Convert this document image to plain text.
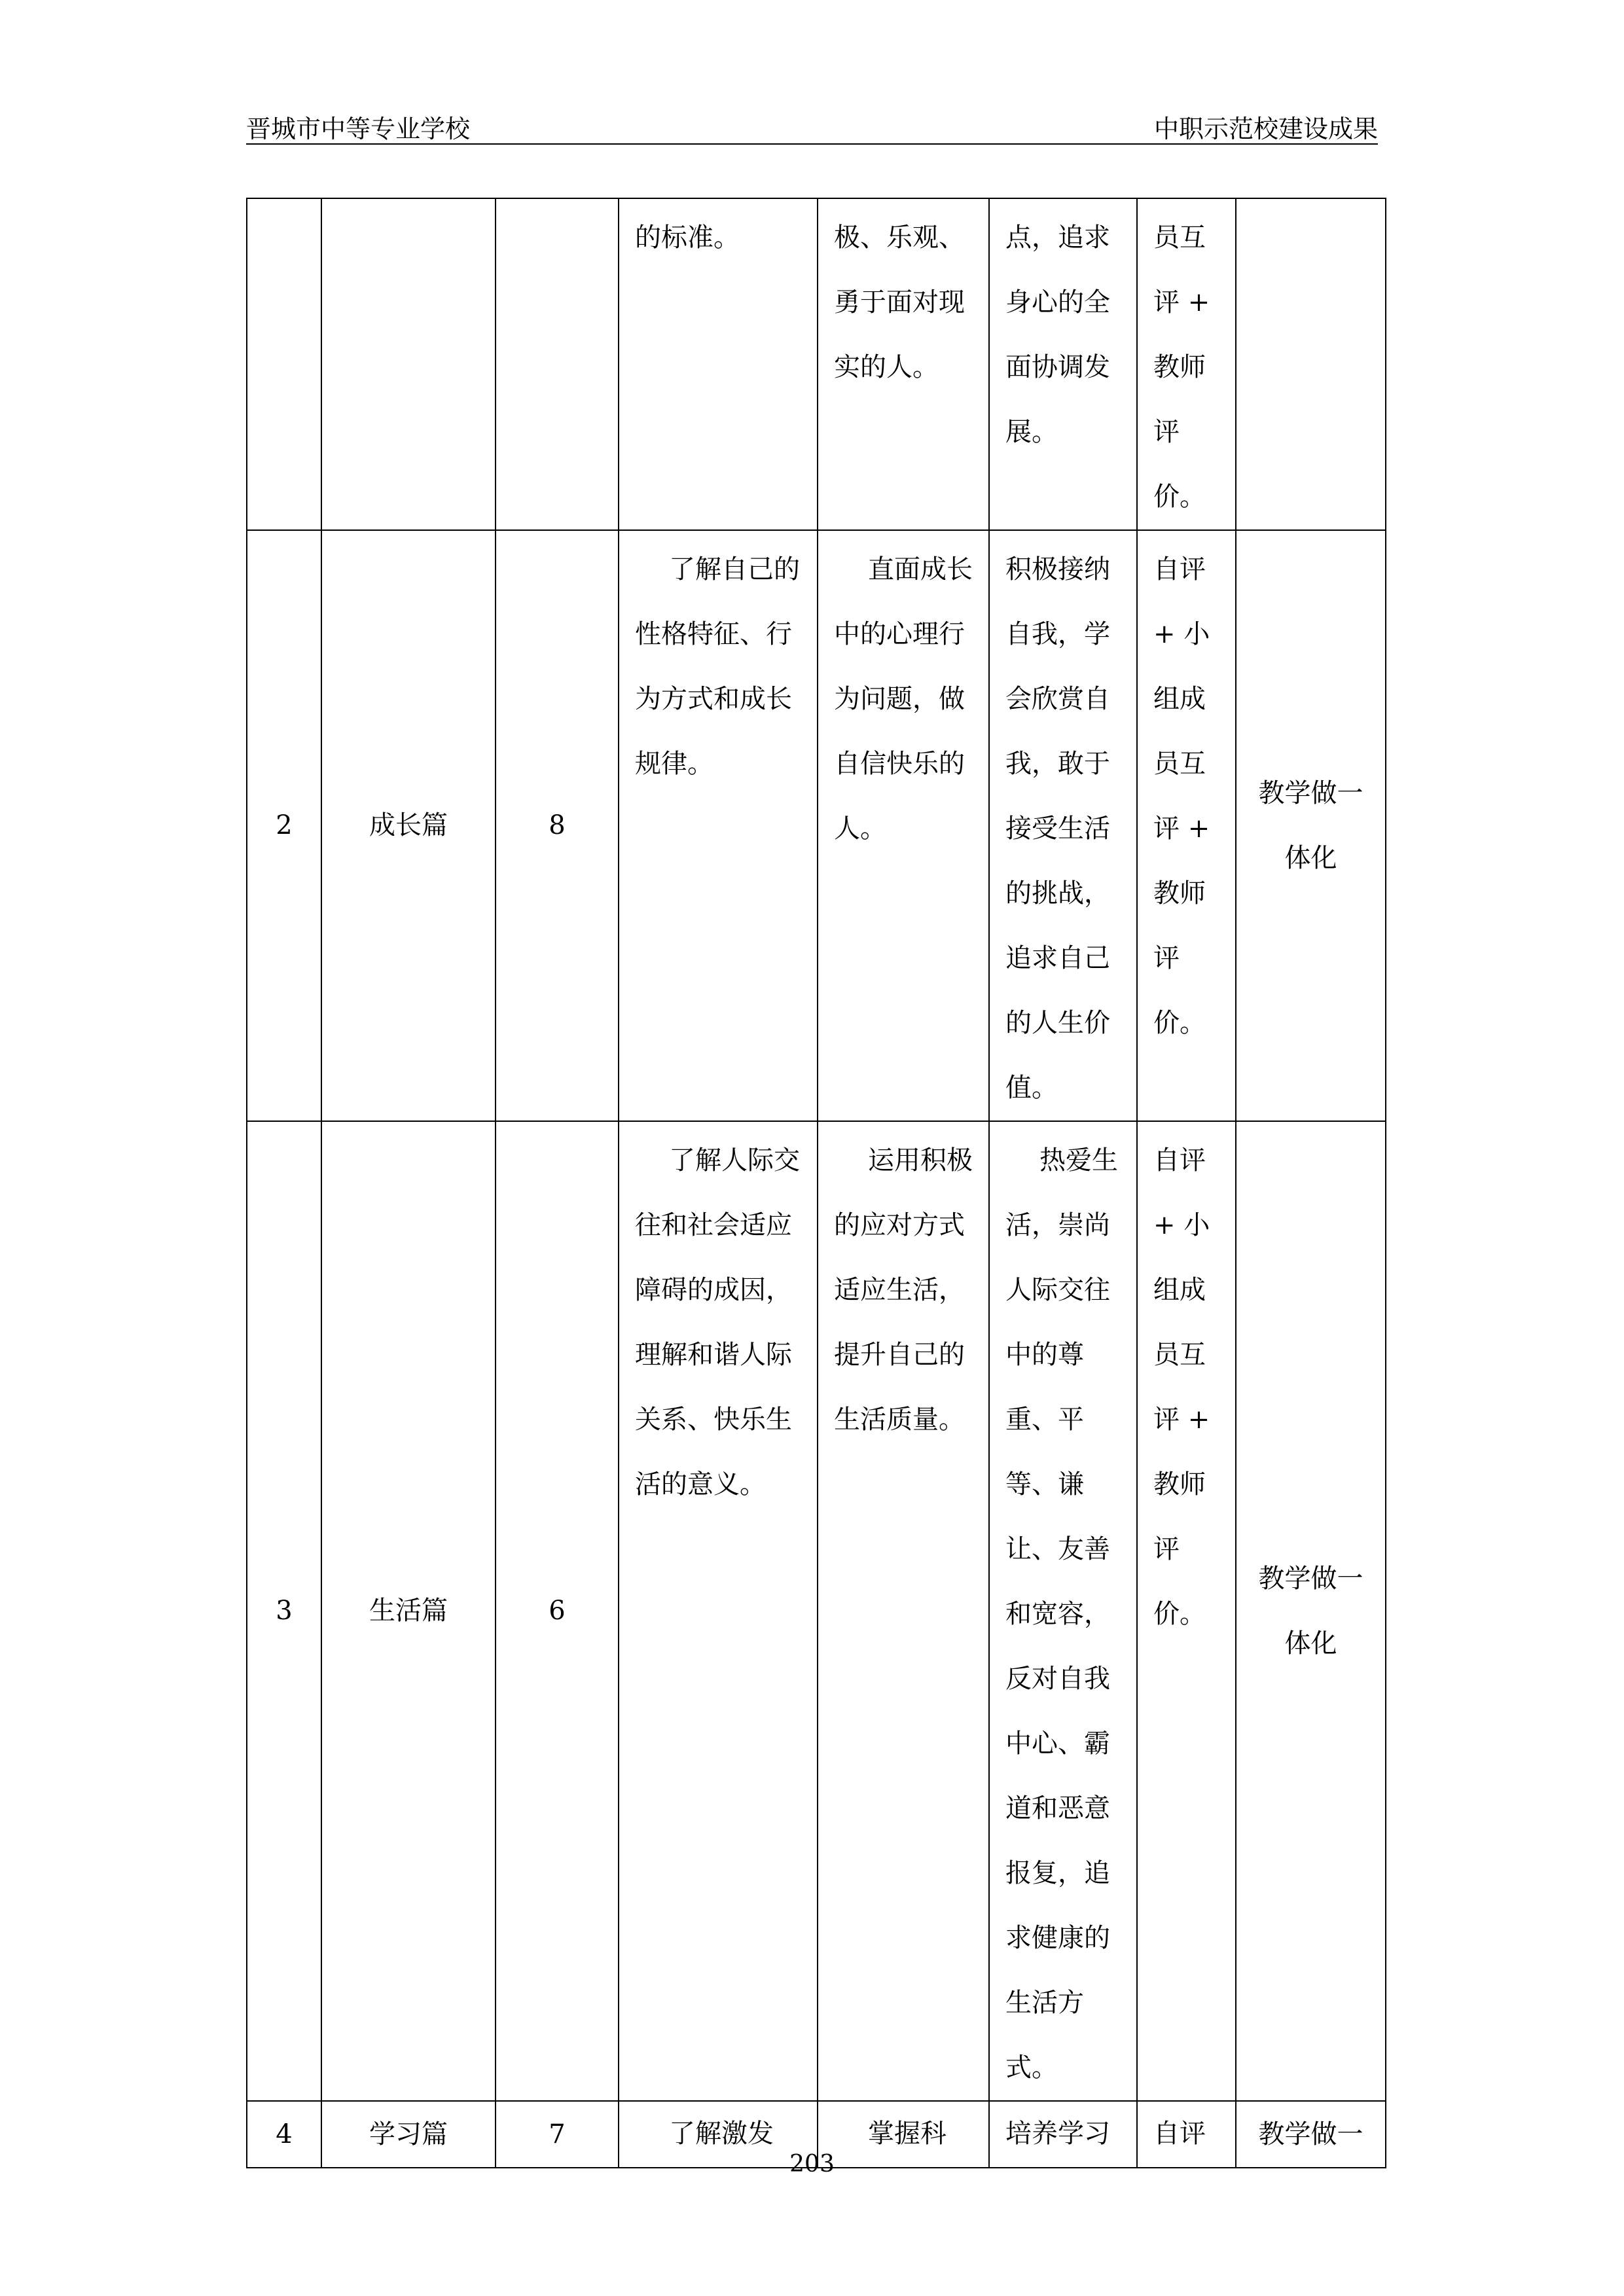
晋城市中等专业学校	中职示范校建设成果

			的标准。	极、乐观、勇于面对现实的人。	点，追求身心的全面协调发展。	员互评 + 教师评价。	

2	成长篇	8	了解自己的性格特征、行为方式和成长规律。	直面成长中的心理行为问题，做自信快乐的人。	积极接纳自我，学会欣赏自我，敢于接受生活的挑战，追求自己的人生价值。	自评 + 小组成员互评 + 教师评价。	教学做一体化

3	生活篇	6	了解人际交往和社会适应障碍的成因，理解和谐人际关系、快乐生活的意义。	运用积极的应对方式适应生活，提升自己的生活质量。	热爱生活，崇尚人际交往中的尊重、平等、谦让、友善和宽容，反对自我中心、霸道和恶意报复，追求健康的生活方式。	自评 + 小组成员互评 + 教师评价。	教学做一体化

4	学习篇	7	了解激发	掌握科	培养学习	自评	教学做一
203
